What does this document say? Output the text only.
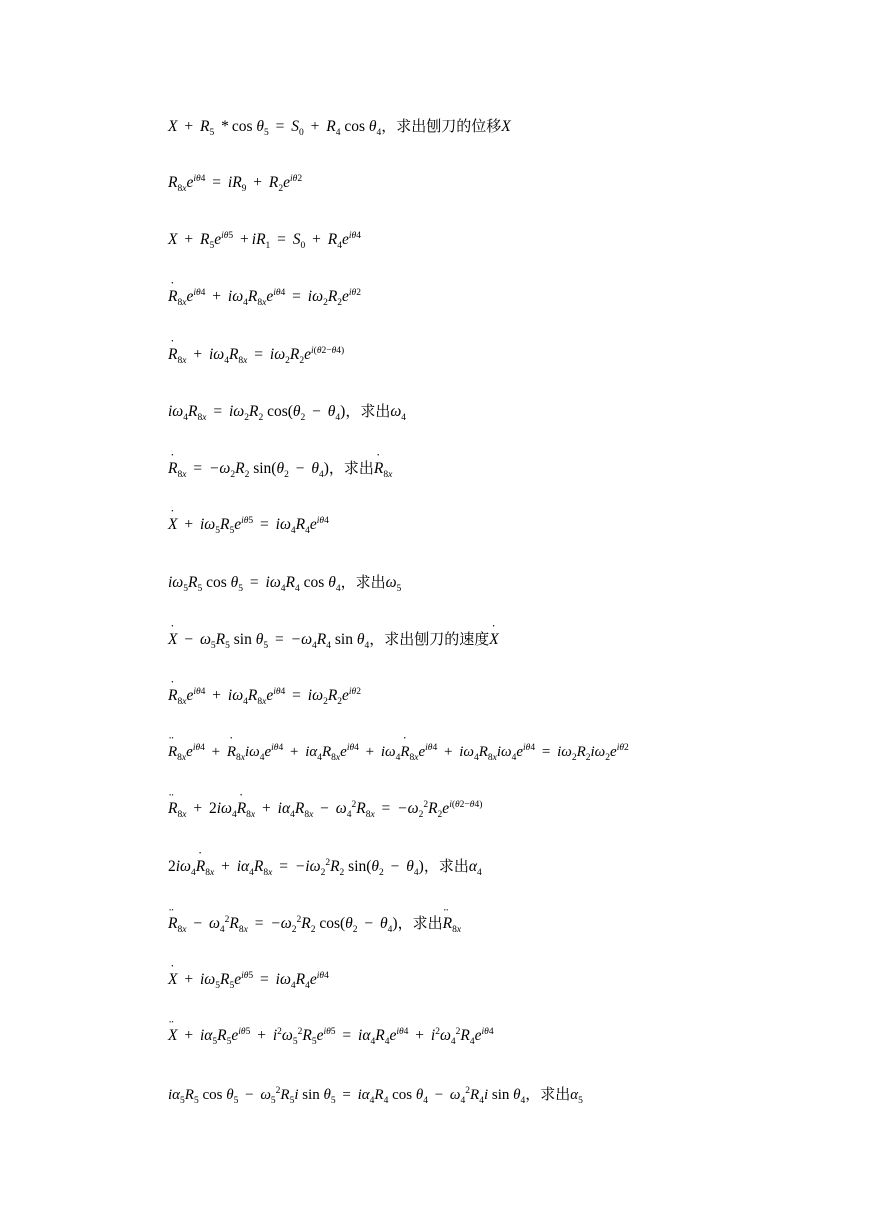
$X + R_5 * \cos \theta_5 = S_0 + R_4$ $\cos \theta_4$，求出刨刀的位移X
$R_{8x}e^{i\theta 4} = iR_9 + R_2e^{i\theta 2}$
$X + R_5e^{i\theta 5} + iR_1 = S_0 + R_4e^{i\theta 4}$
R $˙_{8x}e^{i\theta 4} + i\omega_4R_{8x}e^{i\theta 4} = i\omega_2R_2e^{i\theta 2}$
R $˙_{8x} + i\omega_4R_{8x} = i\omega_2R_2e^{i(\theta 2-\theta 4)}$
$i\omega_4R_{8x} = i\omega_2R_2$ $\cos(\theta_2 - \theta_4)$，求出$\omega_4$
R $˙_{8x} = -\omega_2R_2$ $\sin(\theta_2 - \theta_4)$，求出R $˙_{8x}$
X ˙ + $i\omega_5R_5e^{i\theta 5} = i\omega_4R_4e^{i\theta 4}$
$i\omega_5R_5$ $\cos \theta_5 = i\omega_4R_4$ $\cos \theta_4$，求出$\omega_5$
X ˙ − $\omega_5R_5$ $\sin \theta_5 = -\omega_4R_4$ $\sin \theta_4$，求出刨刀的速度X ˙
R $˙_{8x}e^{i\theta 4} + i\omega_4R_{8x}e^{i\theta 4} = i\omega_2R_2e^{i\theta 2}$
R $¨_{8x}e^{i\theta 4} + R$ $˙_{8x}i\omega_4e^{i\theta 4} + i\alpha_4R_{8x}e^{i\theta 4} + i\omega_4R$ $˙_{8x}e^{i\theta 4} + i\omega_4R_{8x}i\omega_4e^{i\theta 4} = i\omega_2R_2i\omega_2e^{i\theta 2}$
R $¨_{8x} + 2i\omega_4R$ $˙_{8x} + i\alpha_4R_{8x} - \omega_4^2R_{8x} = -\omega_2^2R_2e^{i(\theta 2-\theta 4)}$
$2i\omega_4R$ $˙_{8x} + i\alpha_4R_{8x} = -i\omega_2^2R_2$ $\sin(\theta_2 - \theta_4)$，求出$\alpha_4$
R $¨_{8x} - \omega_4^2R_{8x} = -\omega_2^2R_2$ $\cos(\theta_2 - \theta_4)$，求出R $¨_{8x}$
X ˙ + $i\omega_5R_5e^{i\theta 5} = i\omega_4R_4e^{i\theta 4}$
X ¨ + $i\alpha_5R_5e^{i\theta 5} + i^2\omega_5^2R_5e^{i\theta 5} = i\alpha_4R_4e^{i\theta 4} + i^2\omega_4^2R_4e^{i\theta 4}$
$i\alpha_5R_5$ $\cos \theta_5 - \omega_5^2R_5i$ $\sin \theta_5 = i\alpha_4R_4$ $\cos \theta_4 - \omega_4^2R_4i$ $\sin \theta_4$，求出$\alpha_5$
